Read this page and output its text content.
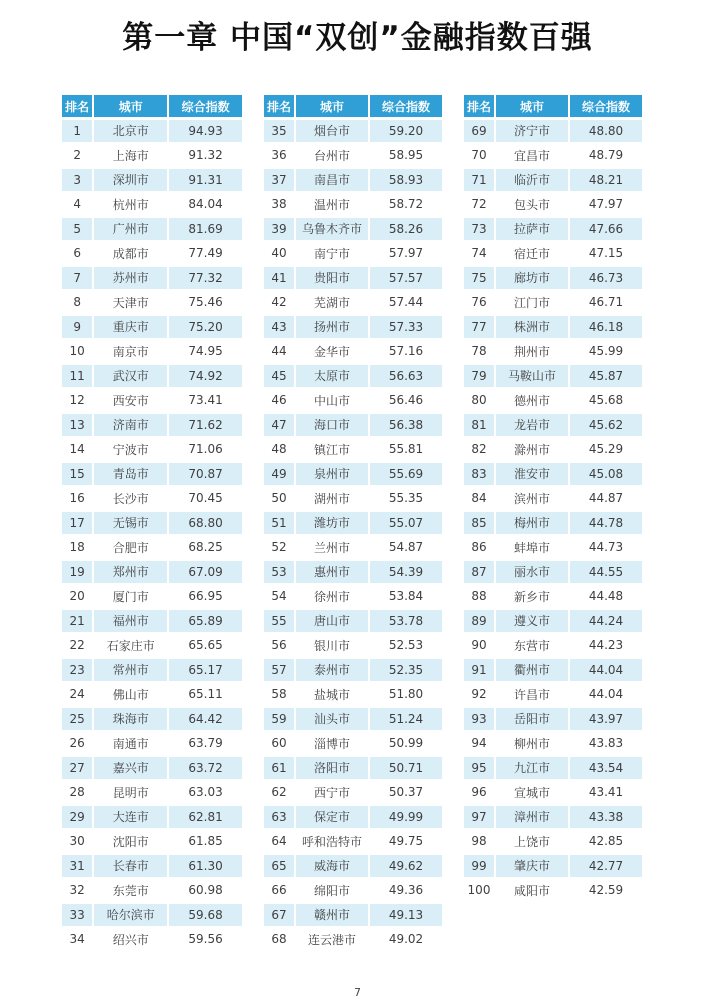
第一章 中国“双创”金融指数百强
排名	城市	综合指数
1	北京市	94.93
2	上海市	91.32
3	深圳市	91.31
4	杭州市	84.04
5	广州市	81.69
6	成都市	77.49
7	苏州市	77.32
8	天津市	75.46
9	重庆市	75.20
10	南京市	74.95
11	武汉市	74.92
12	西安市	73.41
13	济南市	71.62
14	宁波市	71.06
15	青岛市	70.87
16	长沙市	70.45
17	无锡市	68.80
18	合肥市	68.25
19	郑州市	67.09
20	厦门市	66.95
21	福州市	65.89
22	石家庄市	65.65
23	常州市	65.17
24	佛山市	65.11
25	珠海市	64.42
26	南通市	63.79
27	嘉兴市	63.72
28	昆明市	63.03
29	大连市	62.81
30	沈阳市	61.85
31	长春市	61.30
32	东莞市	60.98
33	哈尔滨市	59.68
34	绍兴市	59.56
排名	城市	综合指数
35	烟台市	59.20
36	台州市	58.95
37	南昌市	58.93
38	温州市	58.72
39	乌鲁木齐市	58.26
40	南宁市	57.97
41	贵阳市	57.57
42	芜湖市	57.44
43	扬州市	57.33
44	金华市	57.16
45	太原市	56.63
46	中山市	56.46
47	海口市	56.38
48	镇江市	55.81
49	泉州市	55.69
50	湖州市	55.35
51	潍坊市	55.07
52	兰州市	54.87
53	惠州市	54.39
54	徐州市	53.84
55	唐山市	53.78
56	银川市	52.53
57	泰州市	52.35
58	盐城市	51.80
59	汕头市	51.24
60	淄博市	50.99
61	洛阳市	50.71
62	西宁市	50.37
63	保定市	49.99
64	呼和浩特市	49.75
65	威海市	49.62
66	绵阳市	49.36
67	赣州市	49.13
68	连云港市	49.02
排名	城市	综合指数
69	济宁市	48.80
70	宜昌市	48.79
71	临沂市	48.21
72	包头市	47.97
73	拉萨市	47.66
74	宿迁市	47.15
75	廊坊市	46.73
76	江门市	46.71
77	株洲市	46.18
78	荆州市	45.99
79	马鞍山市	45.87
80	德州市	45.68
81	龙岩市	45.62
82	滁州市	45.29
83	淮安市	45.08
84	滨州市	44.87
85	梅州市	44.78
86	蚌埠市	44.73
87	丽水市	44.55
88	新乡市	44.48
89	遵义市	44.24
90	东营市	44.23
91	衢州市	44.04
92	许昌市	44.04
93	岳阳市	43.97
94	柳州市	43.83
95	九江市	43.54
96	宣城市	43.41
97	漳州市	43.38
98	上饶市	42.85
99	肇庆市	42.77
100	咸阳市	42.59
7
